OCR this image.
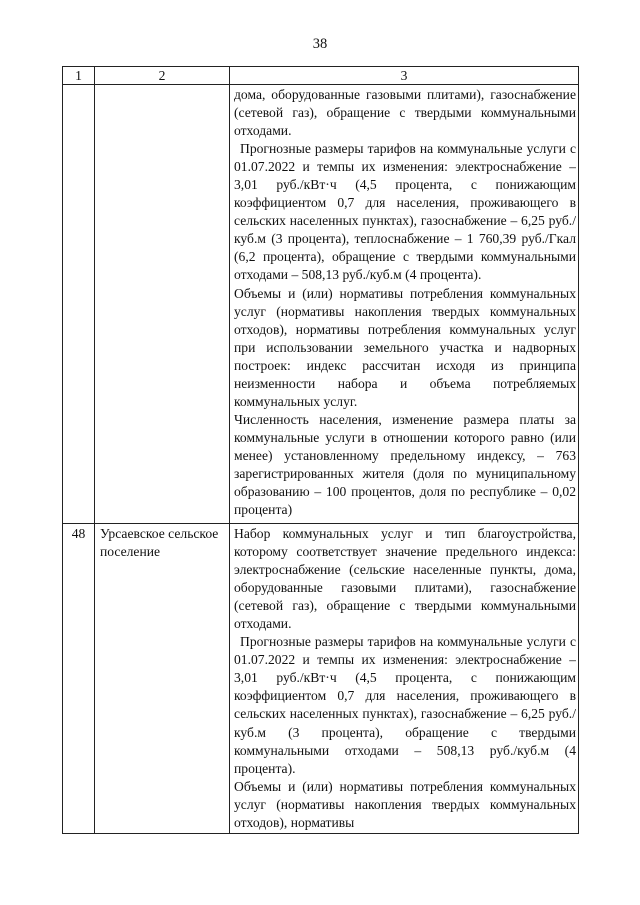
38
1	2	3

		дома, оборудованные газовыми плитами), газоснабжение (сетевой газ), обращение с твердыми коммунальными отходами.

Прогнозные размеры тарифов на коммунальные услуги с 01.07.2022 и темпы их изменения: электроснабжение – 3,01 руб./кВт·ч (4,5 процента, с понижающим коэффициентом 0,7 для населения, проживающего в сельских населенных пунктах), газоснабжение – 6,25 руб./куб.м (3 процента), теплоснабжение – 1 760,39 руб./Гкал (6,2 процента), обращение с твердыми коммунальными отходами – 508,13 руб./куб.м (4 процента).

Объемы и (или) нормативы потребления коммунальных услуг (нормативы накопления твердых коммунальных отходов), нормативы потребления коммунальных услуг при использовании земельного участка и надворных построек: индекс рассчитан исходя из принципа неизменности набора и объема потребляемых коммунальных услуг.

Численность населения, изменение размера платы за коммунальные услуги в отношении которого равно (или менее) установленному предельному индексу, – 763 зарегистрированных жителя (доля по муниципальному образованию – 100 процентов, доля по республике – 0,02 процента)

48	Урсаевское сельское поселение	Набор коммунальных услуг и тип благоустройства, которому соответствует значение предельного индекса: электроснабжение (сельские населенные пункты, дома, оборудованные газовыми плитами), газоснабжение (сетевой газ), обращение с твердыми коммунальными отходами.

Прогнозные размеры тарифов на коммунальные услуги с 01.07.2022 и темпы их изменения: электроснабжение – 3,01 руб./кВт·ч (4,5 процента, с понижающим коэффициентом 0,7 для населения, проживающего в сельских населенных пунктах), газоснабжение – 6,25 руб./куб.м (3 процента), обращение с твердыми коммунальными отходами – 508,13 руб./куб.м (4 процента).

Объемы и (или) нормативы потребления коммунальных услуг (нормативы накопления твердых коммунальных отходов), нормативы
